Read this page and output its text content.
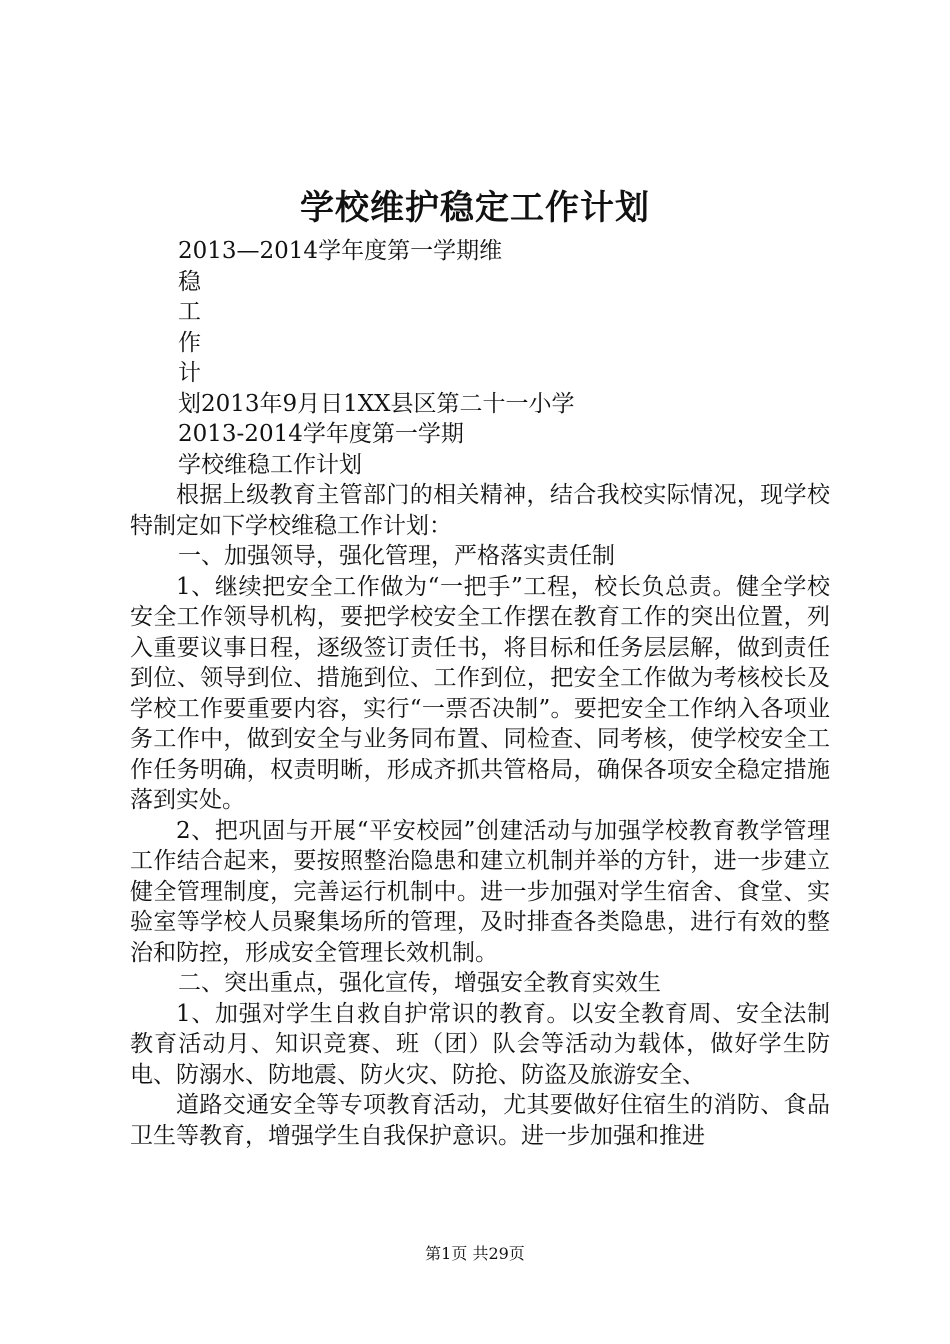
学校维护稳定工作计划

2013—2014学年度第一学期维

稳

工

作

计

划2013年9月日1XX县区第二十一小学

2013-2014学年度第一学期

学校维稳工作计划

根据上级教育主管部门的相关精神，结合我校实际情况，现学校特制定如下学校维稳工作计划：

一、加强领导，强化管理，严格落实责任制

1、继续把安全工作做为“一把手”工程，校长负总责。健全学校安全工作领导机构，要把学校安全工作摆在教育工作的突出位置，列入重要议事日程，逐级签订责任书，将目标和任务层层解，做到责任到位、领导到位、措施到位、工作到位，把安全工作做为考核校长及学校工作要重要内容，实行“一票否决制”。要把安全工作纳入各项业务工作中，做到安全与业务同布置、同检查、同考核，使学校安全工作任务明确，权责明晰，形成齐抓共管格局，确保各项安全稳定措施落到实处。

2、把巩固与开展“平安校园”创建活动与加强学校教育教学管理工作结合起来，要按照整治隐患和建立机制并举的方针，进一步建立健全管理制度，完善运行机制中。进一步加强对学生宿舍、食堂、实验室等学校人员聚集场所的管理，及时排查各类隐患，进行有效的整治和防控，形成安全管理长效机制。

二、突出重点，强化宣传，增强安全教育实效生

1、加强对学生自救自护常识的教育。以安全教育周、安全法制教育活动月、知识竞赛、班（团）队会等活动为载体，做好学生防电、防溺水、防地震、防火灾、防抢、防盗及旅游安全、

道路交通安全等专项教育活动，尤其要做好住宿生的消防、食品卫生等教育，增强学生自我保护意识。进一步加强和推进

第1页 共29页
